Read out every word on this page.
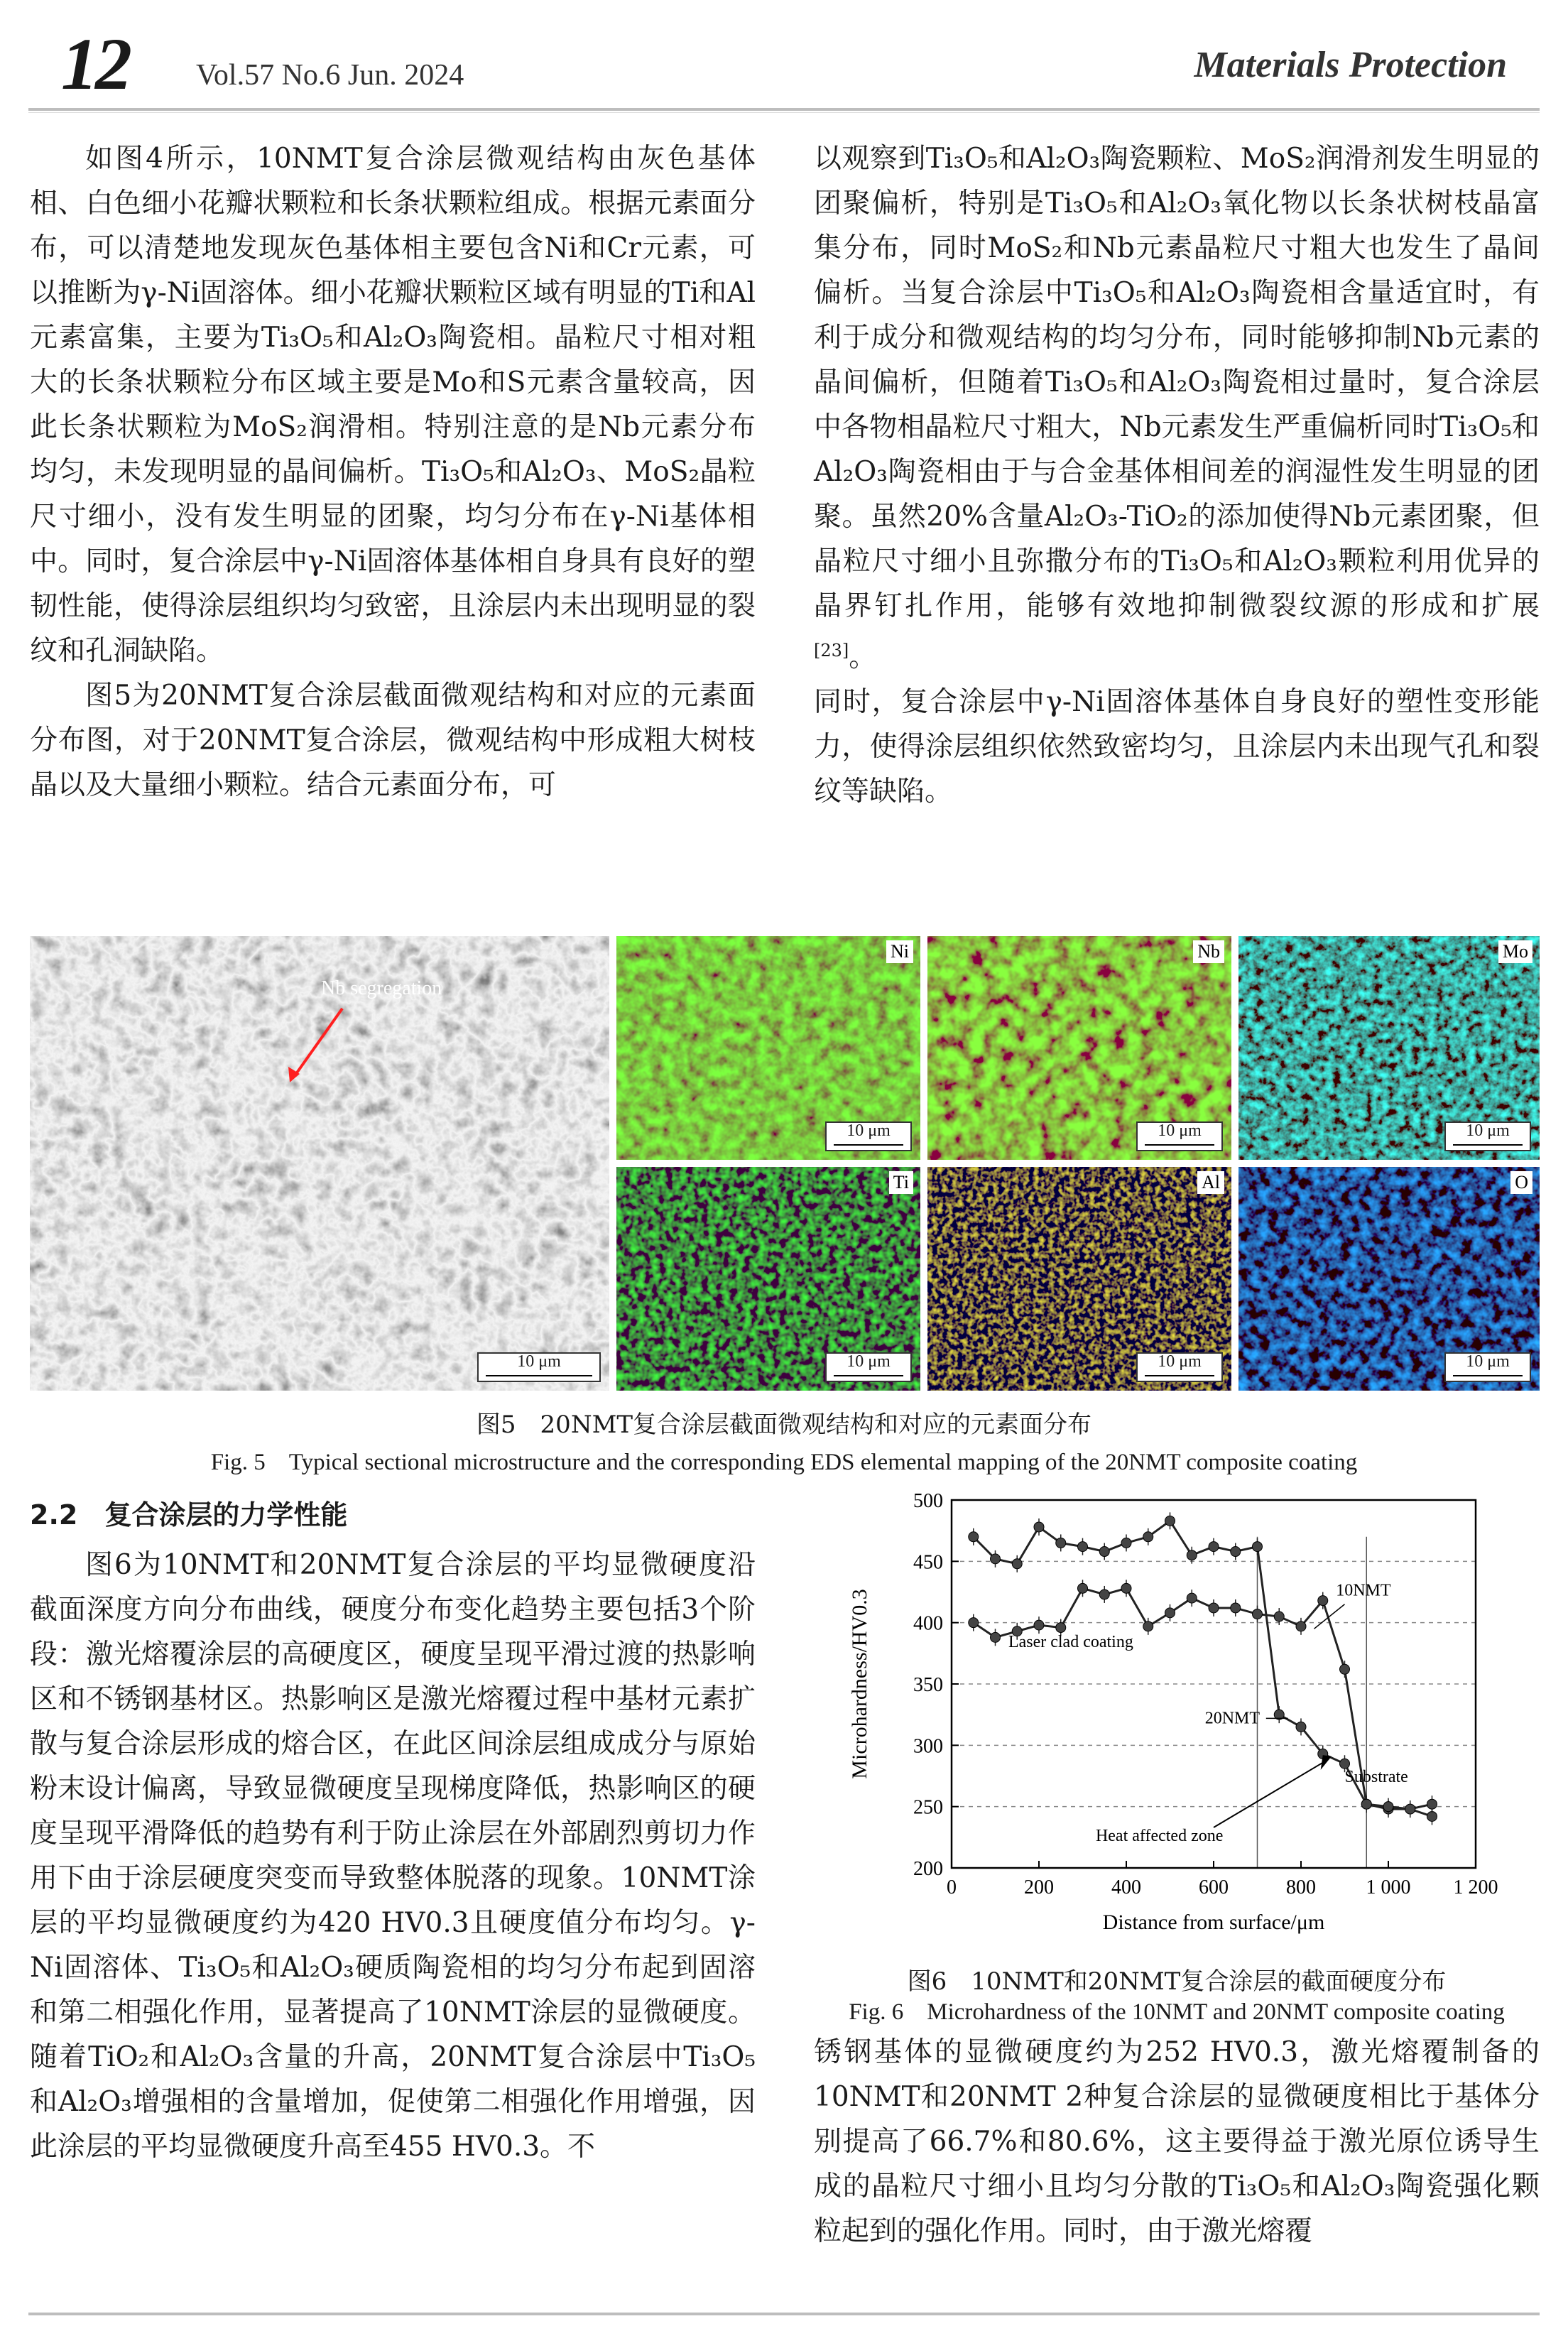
12 Vol.57 No.6 Jun. 2024	Materials Protection

如图4所示，10NMT复合涂层微观结构由灰色基体相、白色细小花瓣状颗粒和长条状颗粒组成。根据元素面分布，可以清楚地发现灰色基体相主要包含Ni和Cr元素，可以推断为γ-Ni固溶体。细小花瓣状颗粒区域有明显的Ti和Al元素富集，主要为Ti₃O₅和Al₂O₃陶瓷相。晶粒尺寸相对粗大的长条状颗粒分布区域主要是Mo和S元素含量较高，因此长条状颗粒为MoS₂润滑相。特别注意的是Nb元素分布均匀，未发现明显的晶间偏析。Ti₃O₅和Al₂O₃、MoS₂晶粒尺寸细小，没有发生明显的团聚，均匀分布在γ-Ni基体相中。同时，复合涂层中γ-Ni固溶体基体相自身具有良好的塑韧性能，使得涂层组织均匀致密，且涂层内未出现明显的裂纹和孔洞缺陷。

图5为20NMT复合涂层截面微观结构和对应的元素面分布图，对于20NMT复合涂层，微观结构中形成粗大树枝晶以及大量细小颗粒。结合元素面分布，可

以观察到Ti₃O₅和Al₂O₃陶瓷颗粒、MoS₂润滑剂发生明显的团聚偏析，特别是Ti₃O₅和Al₂O₃氧化物以长条状树枝晶富集分布，同时MoS₂和Nb元素晶粒尺寸粗大也发生了晶间偏析。当复合涂层中Ti₃O₅和Al₂O₃陶瓷相含量适宜时，有利于成分和微观结构的均匀分布，同时能够抑制Nb元素的晶间偏析，但随着Ti₃O₅和Al₂O₃陶瓷相过量时，复合涂层中各物相晶粒尺寸粗大，Nb元素发生严重偏析同时Ti₃O₅和Al₂O₃陶瓷相由于与合金基体相间差的润湿性发生明显的团聚。虽然20%含量Al₂O₃-TiO₂的添加使得Nb元素团聚，但晶粒尺寸细小且弥撒分布的Ti₃O₅和Al₂O₃颗粒利用优异的晶界钉扎作用，能够有效地抑制微裂纹源的形成和扩展[23]。

同时，复合涂层中γ-Ni固溶体基体自身良好的塑性变形能力，使得涂层组织依然致密均匀，且涂层内未出现气孔和裂纹等缺陷。

Nb segregation
10 μm
Ni
10 μm
Nb
10 μm
Mo
10 μm
Ti
10 μm
Al
10 μm
O
10 μm
图5　20NMT复合涂层截面微观结构和对应的元素面分布
Fig. 5　Typical sectional microstructure and the corresponding EDS elemental mapping of the 20NMT composite coating
2.2　复合涂层的力学性能

图6为10NMT和20NMT复合涂层的平均显微硬度沿截面深度方向分布曲线，硬度分布变化趋势主要包括3个阶段：激光熔覆涂层的高硬度区，硬度呈现平滑过渡的热影响区和不锈钢基材区。热影响区是激光熔覆过程中基材元素扩散与复合涂层形成的熔合区，在此区间涂层组成成分与原始粉末设计偏离，导致显微硬度呈现梯度降低，热影响区的硬度呈现平滑降低的趋势有利于防止涂层在外部剧烈剪切力作用下由于涂层硬度突变而导致整体脱落的现象。10NMT涂层的平均显微硬度约为420 HV0.3且硬度值分布均匀。γ-Ni固溶体、Ti₃O₅和Al₂O₃硬质陶瓷相的均匀分布起到固溶和第二相强化作用，显著提高了10NMT涂层的显微硬度。随着TiO₂和Al₂O₃含量的升高，20NMT复合涂层中Ti₃O₅和Al₂O₃增强相的含量增加，促使第二相强化作用增强，因此涂层的平均显微硬度升高至455 HV0.3。不

200
250
300
350
400
450
500
0	200	400	600	800	1 000 1 200
Distance from surface/μm
Microhardness/HV0.3	10NMT
20NMT
Laser clad coating
Substrate
Heat affected zone
图6　10NMT和20NMT复合涂层的截面硬度分布
Fig. 6　Microhardness of the 10NMT and 20NMT composite coating

锈钢基体的显微硬度约为252 HV0.3，激光熔覆制备的10NMT和20NMT 2种复合涂层的显微硬度相比于基体分别提高了66.7%和80.6%，这主要得益于激光原位诱导生成的晶粒尺寸细小且均匀分散的Ti₃O₅和Al₂O₃陶瓷强化颗粒起到的强化作用。同时，由于激光熔覆
